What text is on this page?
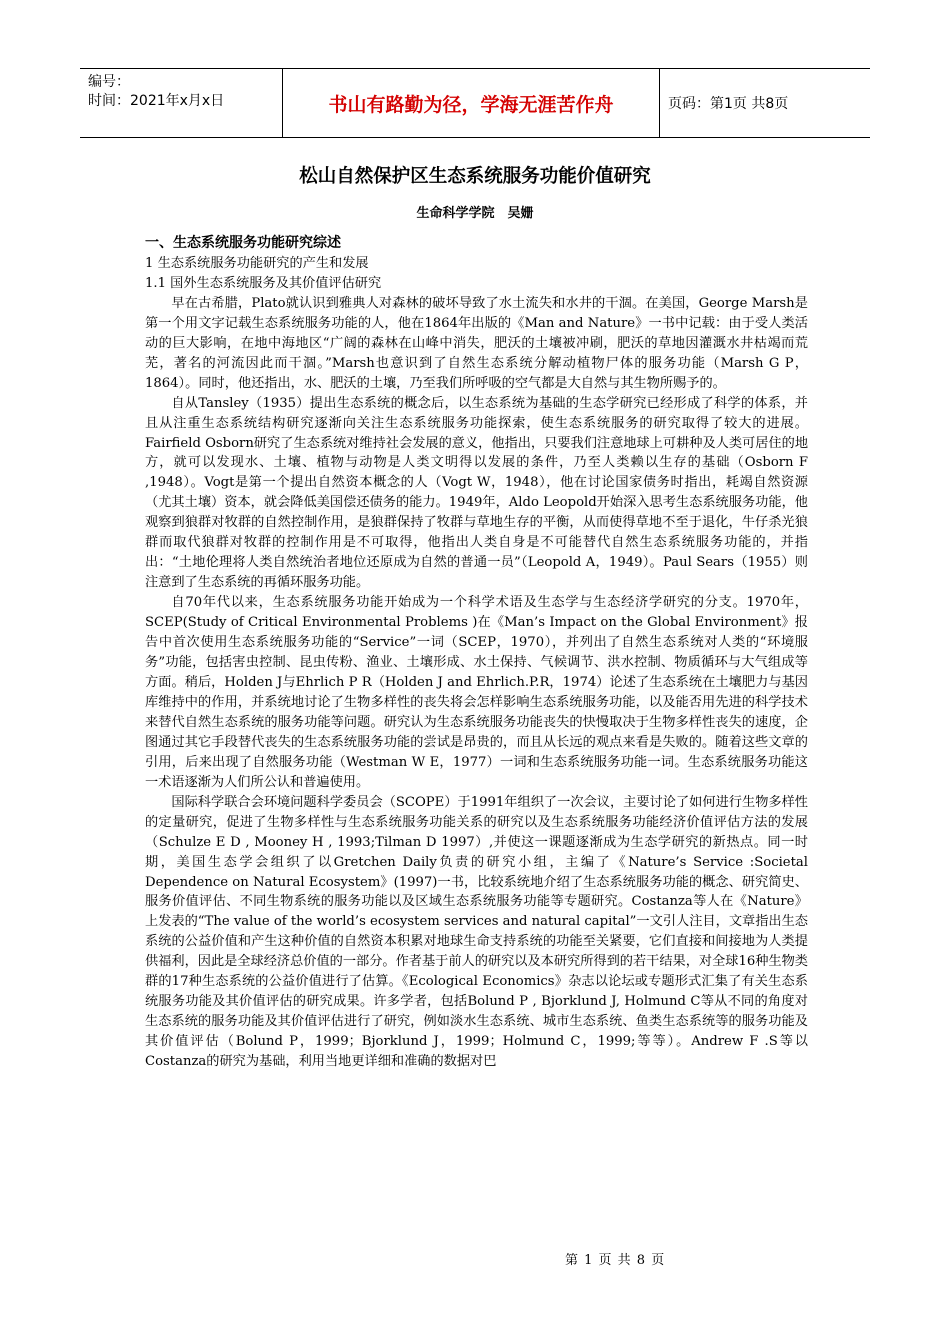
编号：
时间：2021年x月x日	书山有路勤为径，学海无涯苦作舟	页码：第1页 共8页
松山自然保护区生态系统服务功能价值研究
生命科学学院　吴姗
一、生态系统服务功能研究综述
1 生态系统服务功能研究的产生和发展
1.1 国外生态系统服务及其价值评估研究

早在古希腊，Plato就认识到雅典人对森林的破坏导致了水土流失和水井的干涸。在美国，George Marsh是第一个用文字记载生态系统服务功能的人，他在1864年出版的《Man and Nature》一书中记载：由于受人类活动的巨大影响，在地中海地区“广阔的森林在山峰中消失，肥沃的土壤被冲刷，肥沃的草地因灌溉水井枯竭而荒芜，著名的河流因此而干涸。”Marsh也意识到了自然生态系统分解动植物尸体的服务功能（Marsh G P，1864）。同时，他还指出，水、肥沃的土壤，乃至我们所呼吸的空气都是大自然与其生物所赐予的。

自从Tansley（1935）提出生态系统的概念后，以生态系统为基础的生态学研究已经形成了科学的体系，并且从注重生态系统结构研究逐渐向关注生态系统服务功能探索，使生态系统服务的研究取得了较大的进展。Fairfield Osborn研究了生态系统对维持社会发展的意义，他指出，只要我们注意地球上可耕种及人类可居住的地方，就可以发现水、土壤、植物与动物是人类文明得以发展的条件，乃至人类赖以生存的基础（Osborn F ,1948）。Vogt是第一个提出自然资本概念的人（Vogt W，1948），他在讨论国家债务时指出，耗竭自然资源（尤其土壤）资本，就会降低美国偿还债务的能力。1949年，Aldo Leopold开始深入思考生态系统服务功能，他观察到狼群对牧群的自然控制作用，是狼群保持了牧群与草地生存的平衡，从而使得草地不至于退化，牛仔杀光狼群而取代狼群对牧群的控制作用是不可取得，他指出人类自身是不可能替代自然生态系统服务功能的，并指出：“土地伦理将人类自然统治者地位还原成为自然的普通一员”（Leopold A，1949）。Paul Sears（1955）则注意到了生态系统的再循环服务功能。

自70年代以来，生态系统服务功能开始成为一个科学术语及生态学与生态经济学研究的分支。1970年，SCEP(Study of Critical Environmental Problems )在《Man’s Impact on the Global Environment》报告中首次使用生态系统服务功能的“Service”一词（SCEP，1970），并列出了自然生态系统对人类的“环境服务”功能，包括害虫控制、昆虫传粉、渔业、土壤形成、水土保持、气候调节、洪水控制、物质循环与大气组成等方面。稍后，Holden J与Ehrlich P R（Holden J and Ehrlich.P.R，1974）论述了生态系统在土壤肥力与基因库维持中的作用，并系统地讨论了生物多样性的丧失将会怎样影响生态系统服务功能，以及能否用先进的科学技术来替代自然生态系统的服务功能等问题。研究认为生态系统服务功能丧失的快慢取决于生物多样性丧失的速度，企图通过其它手段替代丧失的生态系统服务功能的尝试是昂贵的，而且从长远的观点来看是失败的。随着这些文章的引用，后来出现了自然服务功能（Westman W E，1977）一词和生态系统服务功能一词。生态系统服务功能这一术语逐渐为人们所公认和普遍使用。

国际科学联合会环境问题科学委员会（SCOPE）于1991年组织了一次会议，主要讨论了如何进行生物多样性的定量研究，促进了生物多样性与生态系统服务功能关系的研究以及生态系统服务功能经济价值评估方法的发展（Schulze E D , Mooney H , 1993;Tilman D 1997）,并使这一课题逐渐成为生态学研究的新热点。同一时期，美国生态学会组织了以Gretchen Daily负责的研究小组，主编了《Nature’s Service :Societal Dependence on Natural Ecosystem》(1997)一书，比较系统地介绍了生态系统服务功能的概念、研究简史、服务价值评估、不同生物系统的服务功能以及区域生态系统服务功能等专题研究。Costanza等人在《Nature》 上发表的“The value of the world’s ecosystem services and natural capital”一文引人注目，文章指出生态系统的公益价值和产生这种价值的自然资本积累对地球生命支持系统的功能至关紧要，它们直接和间接地为人类提供福利，因此是全球经济总价值的一部分。作者基于前人的研究以及本研究所得到的若干结果，对全球16种生物类群的17种生态系统的公益价值进行了估算。《Ecological Economics》杂志以论坛或专题形式汇集了有关生态系统服务功能及其价值评估的研究成果。许多学者，包括Bolund P , Bjorklund J, Holmund C等从不同的角度对生态系统的服务功能及其价值评估进行了研究，例如淡水生态系统、城市生态系统、鱼类生态系统等的服务功能及其价值评估（Bolund P，1999；Bjorklund J，1999；Holmund C，1999;等等）。Andrew F .S等以Costanza的研究为基础，利用当地更详细和准确的数据对巴

第 1 页 共 8 页
